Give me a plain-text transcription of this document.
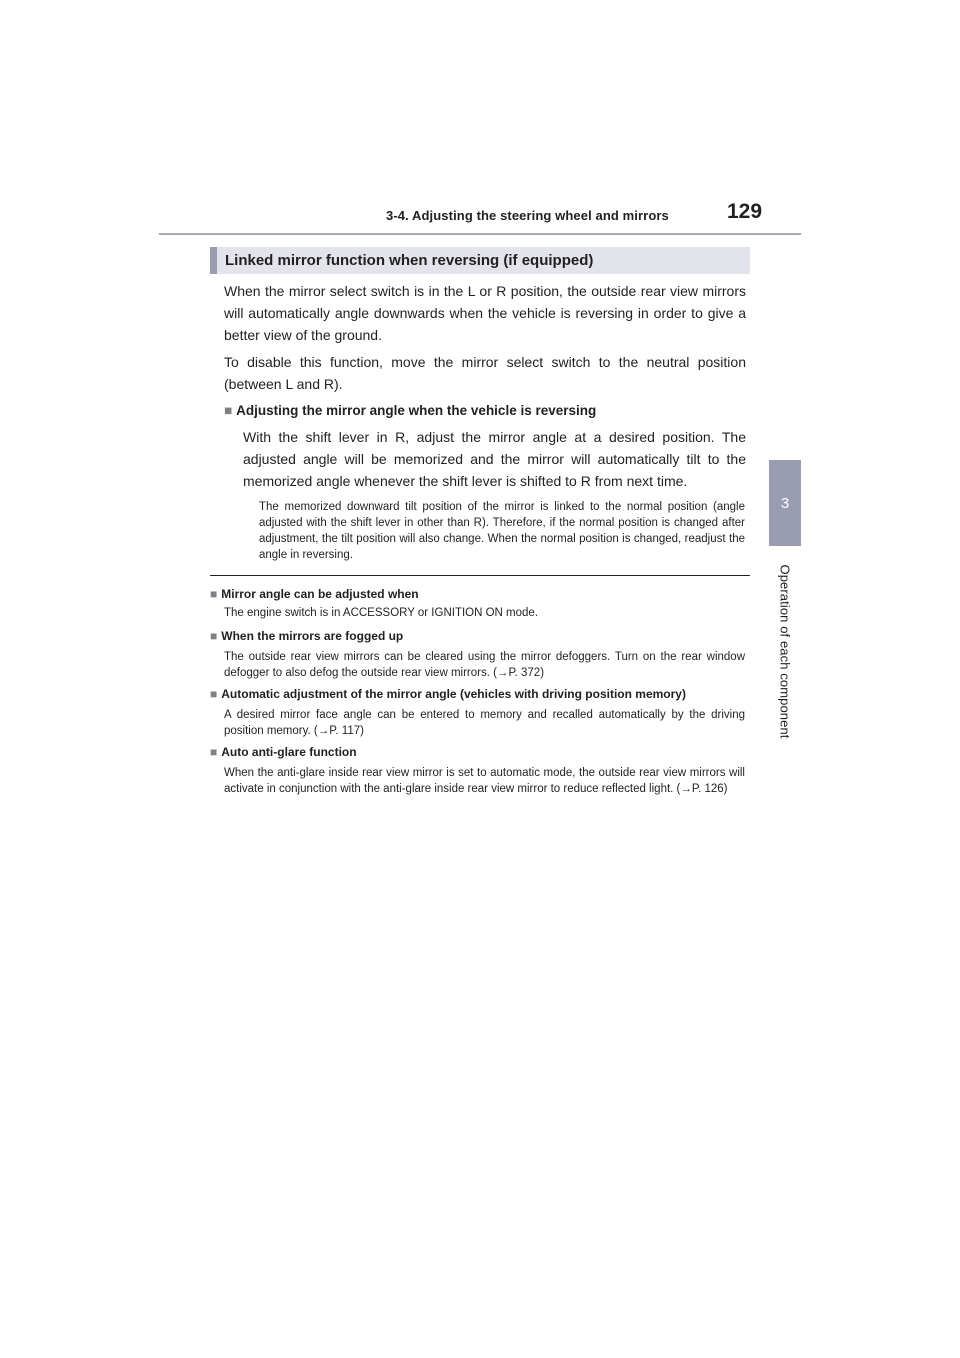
3-4. Adjusting the steering wheel and mirrors	129
3
Operation of each component
Linked mirror function when reversing (if equipped)

When the mirror select switch is in the L or R position, the outside rear view mirrors will automatically angle downwards when the vehicle is reversing in order to give a better view of the ground.

To disable this function, move the mirror select switch to the neutral position (between L and R).

■ Adjusting the mirror angle when the vehicle is reversing

With the shift lever in R, adjust the mirror angle at a desired position. The adjusted angle will be memorized and the mirror will automatically tilt to the memorized angle whenever the shift lever is shifted to R from next time.

The memorized downward tilt position of the mirror is linked to the normal position (angle adjusted with the shift lever in other than R). Therefore, if the normal position is changed after adjustment, the tilt position will also change. When the normal position is changed, readjust the angle in reversing.

■ Mirror angle can be adjusted when

The engine switch is in ACCESSORY or IGNITION ON mode.

■ When the mirrors are fogged up

The outside rear view mirrors can be cleared using the mirror defoggers. Turn on the rear window defogger to also defog the outside rear view mirrors. (→P. 372)

■ Automatic adjustment of the mirror angle (vehicles with driving position memory)

A desired mirror face angle can be entered to memory and recalled automatically by the driving position memory. (→P. 117)

■ Auto anti-glare function

When the anti-glare inside rear view mirror is set to automatic mode, the outside rear view mirrors will activate in conjunction with the anti-glare inside rear view mirror to reduce reflected light. (→P. 126)
